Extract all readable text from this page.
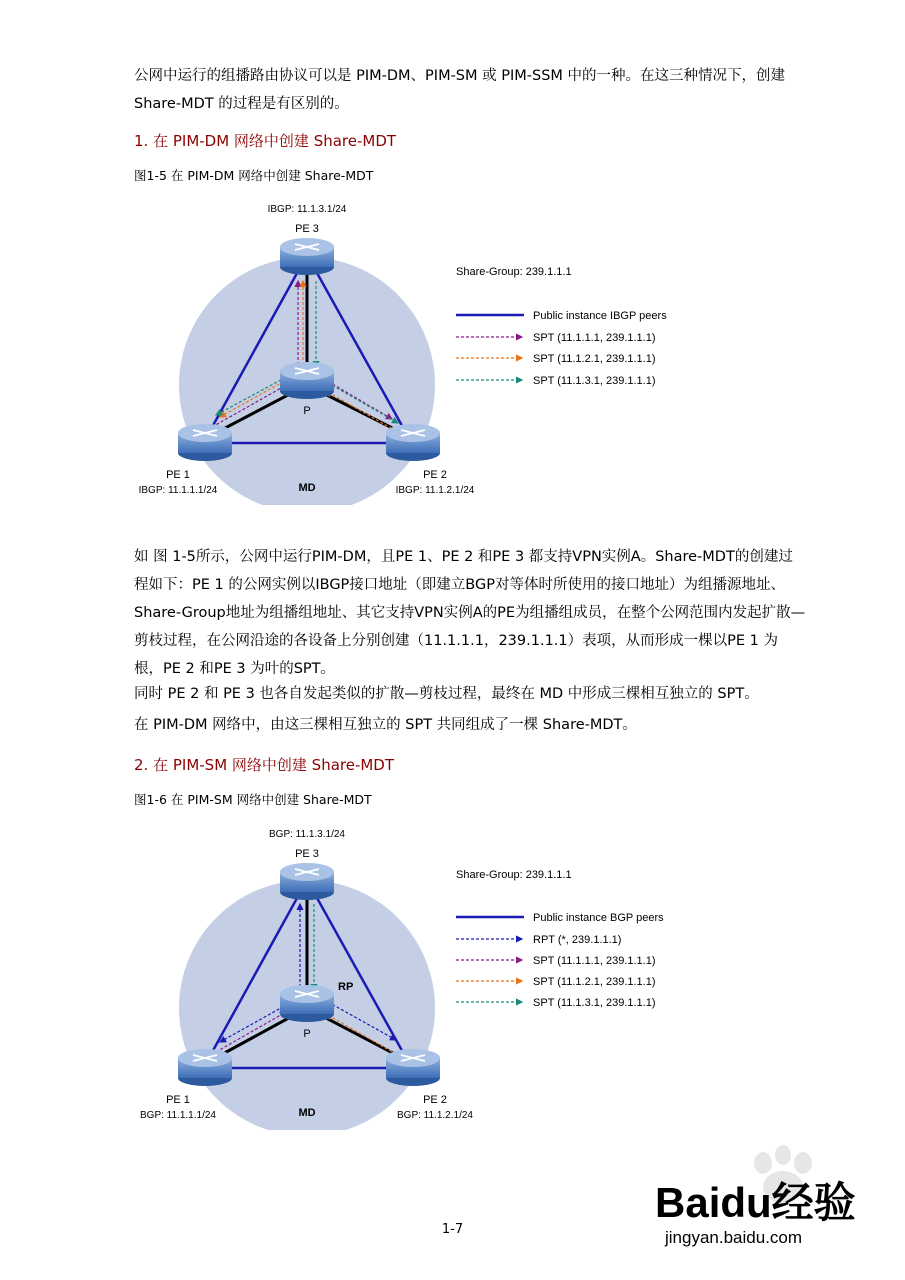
公网中运行的组播路由协议可以是 PIM-DM、PIM-SM 或 PIM-SSM 中的一种。在这三种情况下，创建 Share-MDT 的过程是有区别的。

1. 在 PIM-DM 网络中创建 Share-MDT

图1-5 在 PIM-DM 网络中创建 Share-MDT

IBGP: 11.1.3.1/24
PE 3
P
PE 1
IBGP: 11.1.1.1/24
PE 2
IBGP: 11.1.2.1/24
MD
Share-Group: 239.1.1.1
Public instance IBGP peers
SPT (11.1.1.1, 239.1.1.1)
SPT (11.1.2.1, 239.1.1.1)
SPT (11.1.3.1, 239.1.1.1)

如 图 1-5所示，公网中运行PIM-DM，且PE 1、PE 2 和PE 3 都支持VPN实例A。Share-MDT的创建过程如下：PE 1 的公网实例以IBGP接口地址（即建立BGP对等体时所使用的接口地址）为组播源地址、Share-Group地址为组播组地址、其它支持VPN实例A的PE为组播组成员，在整个公网范围内发起扩散—剪枝过程，在公网沿途的各设备上分别创建（11.1.1.1，239.1.1.1）表项，从而形成一棵以PE 1 为根，PE 2 和PE 3 为叶的SPT。

同时 PE 2 和 PE 3 也各自发起类似的扩散—剪枝过程，最终在 MD 中形成三棵相互独立的 SPT。

在 PIM-DM 网络中，由这三棵相互独立的 SPT 共同组成了一棵 Share-MDT。

2. 在 PIM-SM 网络中创建 Share-MDT

图1-6 在 PIM-SM 网络中创建 Share-MDT

BGP: 11.1.3.1/24
PE 3
RP
P
PE 1
BGP: 11.1.1.1/24
PE 2
BGP: 11.1.2.1/24
MD
Share-Group: 239.1.1.1
Public instance BGP peers
RPT (*, 239.1.1.1)
SPT (11.1.1.1, 239.1.1.1)
SPT (11.1.2.1, 239.1.1.1)
SPT (11.1.3.1, 239.1.1.1)
Baidu经验
jingyan.baidu.com
1-7
